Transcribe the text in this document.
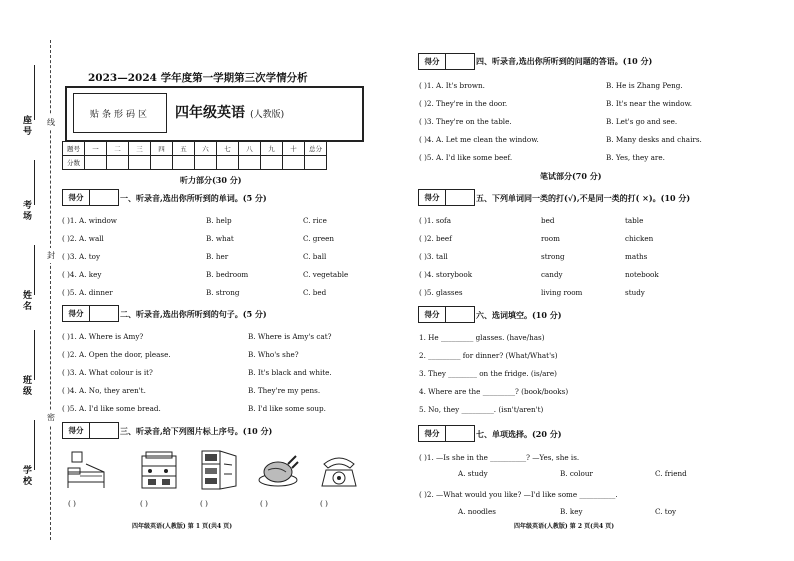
座号
考场
姓名
班级
学校
线
封
密
2023—2024 学年度第一学期第三次学情分析
贴条形码区 四年级英语 (人教版)
题号	一	二	三	四	五	六	七	八	九	十	总分
分数											
听力部分(30 分)
得分	一、听录音,选出你所听到的单词。(5 分)
( )1. A. window	B. help	C. rice
( )2. A. wall	B. what	C. green
( )3. A. toy	B. her	C. ball
( )4. A. key	B. bedroom	C. vegetable
( )5. A. dinner	B. strong	C. bed
得分	二、听录音,选出你所听到的句子。(5 分)
( )1. A. Where is Amy?	B. Where is Amy's cat?
( )2. A. Open the door, please.	B. Who's she?
( )3. A. What colour is it?	B. It's black and white.
( )4. A. No, they aren't.	B. They're my pens.
( )5. A. I'd like some bread.	B. I'd like some soup.
得分	三、听录音,给下列图片标上序号。(10 分)
( )	( )	( )	( )	( )
四年级英语(人教版) 第 1 页(共4 页)
得分	四、听录音,选出你所听到的问题的答语。(10 分)
( )1. A. It's brown.	B. He is Zhang Peng.
( )2. They're in the door.	B. It's near the window.
( )3. They're on the table.	B. Let's go and see.
( )4. A. Let me clean the window.	B. Many desks and chairs.
( )5. A. I'd like some beef.	B. Yes, they are.
笔试部分(70 分)
得分	五、下列单词同一类的打(√),不是同一类的打( ×)。(10 分)
( )1. sofa	bed	table
( )2. beef	room	chicken
( )3. tall	strong	maths
( )4. storybook	candy	notebook
( )5. glasses	living room	study
得分	六、选词填空。(10 分)
1. He _________ glasses. (have/has)
2. _________ for dinner? (What/What's)
3. They ________ on the fridge. (is/are)
4. Where are the _________? (book/books)
5. No, they _________. (isn't/aren't)
得分	七、单项选择。(20 分)
( )1. —Is she in the __________? —Yes, she is.
A. study	B. colour	C. friend
( )2. —What would you like? —I'd like some __________.
A. noodles	B. key	C. toy
四年级英语(人教版) 第 2 页(共4 页)
